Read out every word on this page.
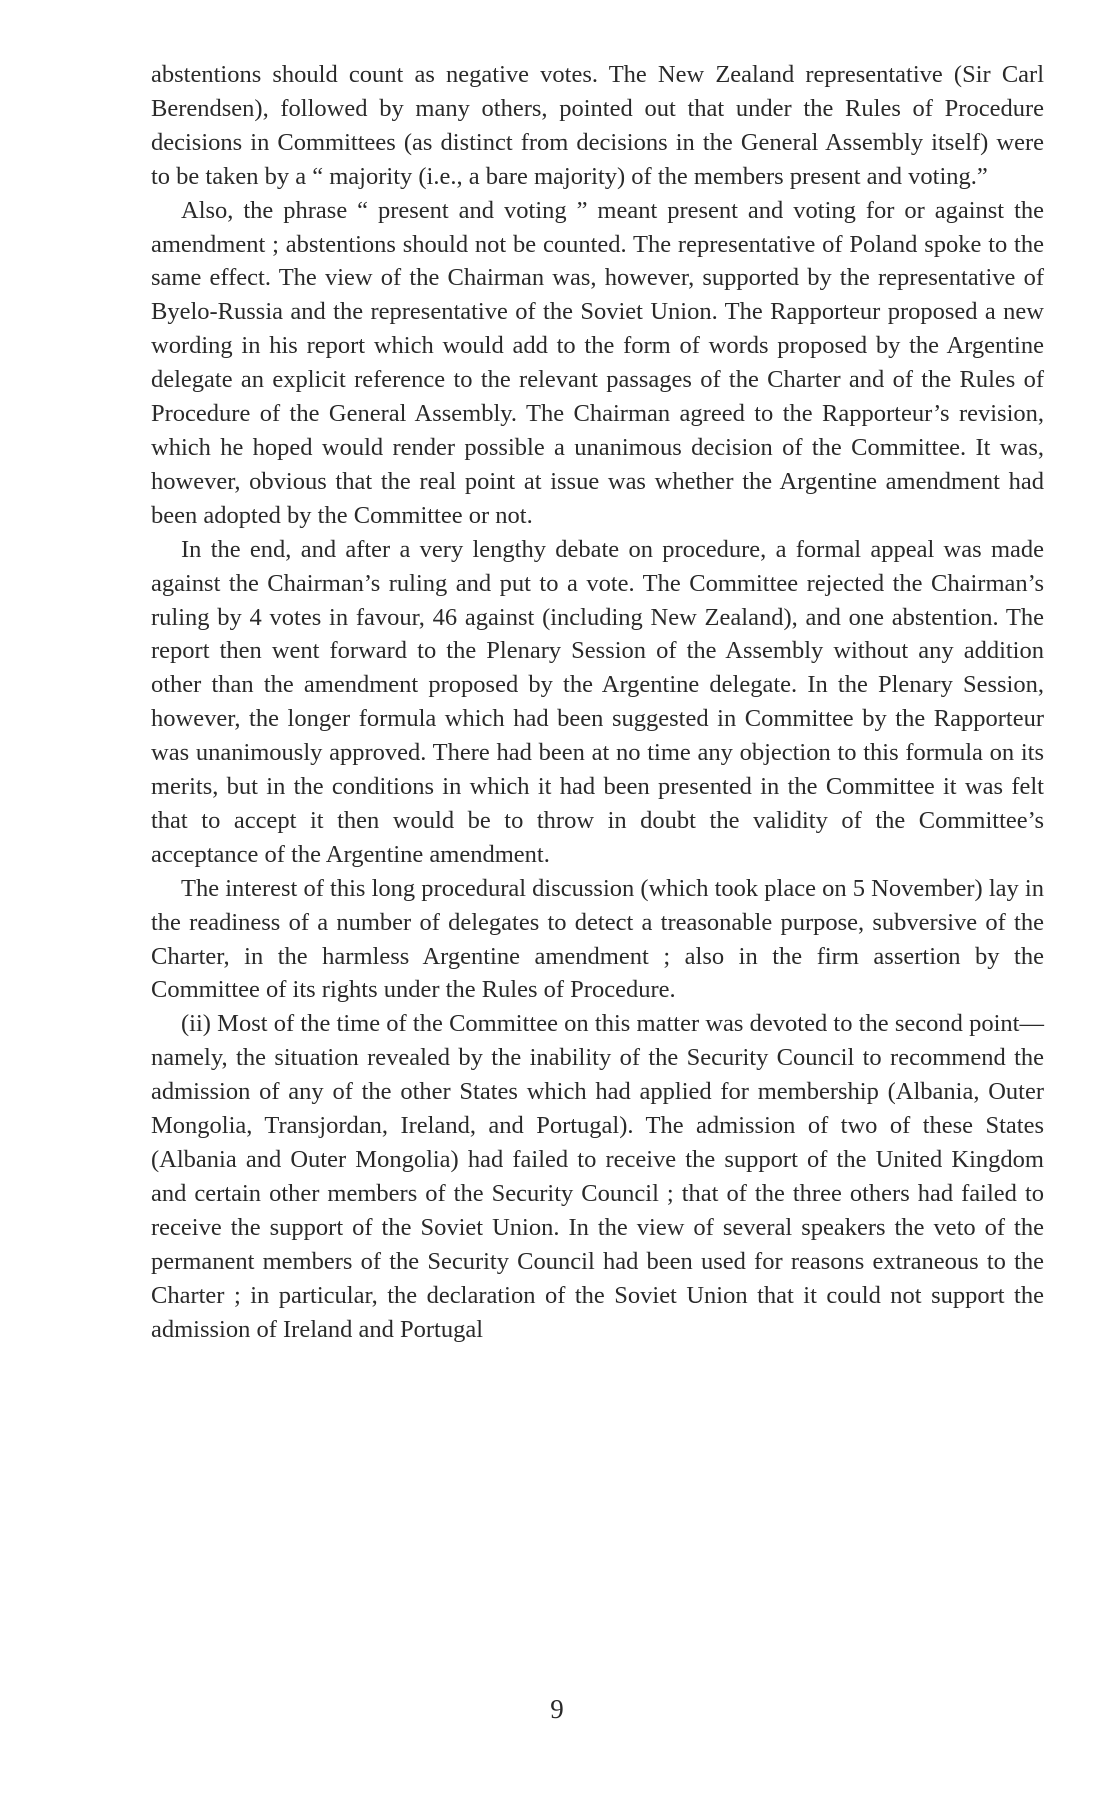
abstentions should count as negative votes. The New Zealand representative (Sir Carl Berendsen), followed by many others, pointed out that under the Rules of Procedure decisions in Committees (as distinct from decisions in the General Assembly itself) were to be taken by a “ majority (i.e., a bare majority) of the members present and voting.”

Also, the phrase “ present and voting ” meant present and voting for or against the amendment ; abstentions should not be counted. The representative of Poland spoke to the same effect. The view of the Chairman was, however, supported by the representative of Byelo-Russia and the representative of the Soviet Union. The Rapporteur proposed a new wording in his report which would add to the form of words proposed by the Argentine delegate an explicit reference to the relevant passages of the Charter and of the Rules of Procedure of the General Assembly. The Chairman agreed to the Rapporteur’s revision, which he hoped would render possible a unanimous decision of the Committee. It was, however, obvious that the real point at issue was whether the Argentine amendment had been adopted by the Committee or not.

In the end, and after a very lengthy debate on procedure, a formal appeal was made against the Chairman’s ruling and put to a vote. The Committee rejected the Chairman’s ruling by 4 votes in favour, 46 against (including New Zealand), and one abstention. The report then went forward to the Plenary Session of the Assembly without any addition other than the amendment proposed by the Argentine delegate. In the Plenary Session, however, the longer formula which had been suggested in Committee by the Rapporteur was unanimously approved. There had been at no time any objection to this formula on its merits, but in the conditions in which it had been presented in the Committee it was felt that to accept it then would be to throw in doubt the validity of the Committee’s acceptance of the Argentine amendment.

The interest of this long procedural discussion (which took place on 5 November) lay in the readiness of a number of delegates to detect a treasonable purpose, subversive of the Charter, in the harmless Argentine amendment ; also in the firm assertion by the Committee of its rights under the Rules of Procedure.

(ii) Most of the time of the Committee on this matter was devoted to the second point—namely, the situation revealed by the inability of the Security Council to recommend the admission of any of the other States which had applied for membership (Albania, Outer Mongolia, Transjordan, Ireland, and Portugal). The admission of two of these States (Albania and Outer Mongolia) had failed to receive the support of the United Kingdom and certain other members of the Security Council ; that of the three others had failed to receive the support of the Soviet Union. In the view of several speakers the veto of the permanent members of the Security Council had been used for reasons extraneous to the Charter ; in particular, the declaration of the Soviet Union that it could not support the admission of Ireland and Portugal

9
